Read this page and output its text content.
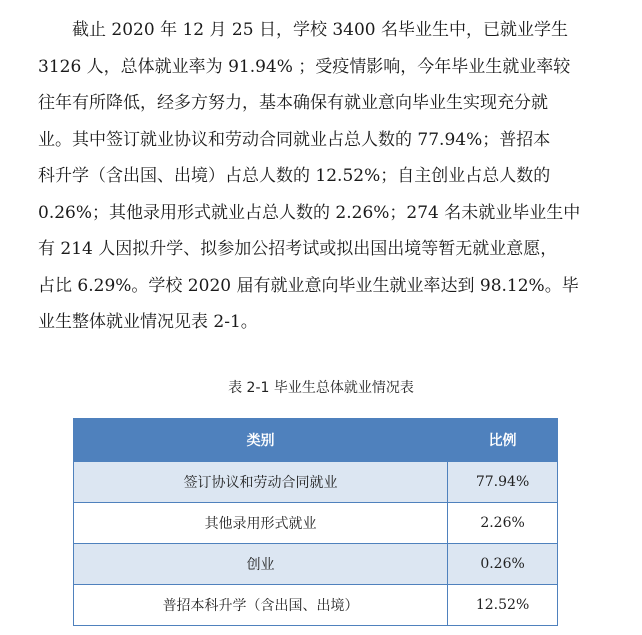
截止 2020 年 12 月 25 日，学校 3400 名毕业生中，已就业学生
3126 人，总体就业率为 91.94% ；受疫情影响，今年毕业生就业率较
往年有所降低，经多方努力，基本确保有就业意向毕业生实现充分就
业。其中签订就业协议和劳动合同就业占总人数的 77.94%；普招本
科升学（含出国、出境）占总人数的 12.52%；自主创业占总人数的
0.26%；其他录用形式就业占总人数的 2.26%；274 名未就业毕业生中
有 214 人因拟升学、拟参加公招考试或拟出国出境等暂无就业意愿，
占比 6.29%。学校 2020 届有就业意向毕业生就业率达到 98.12%。毕
业生整体就业情况见表 2-1。

表 2-1 毕业生总体就业情况表
类别	比例
签订协议和劳动合同就业	77.94%
其他录用形式就业	2.26%
创业	0.26%
普招本科升学（含出国、出境）	12.52%
